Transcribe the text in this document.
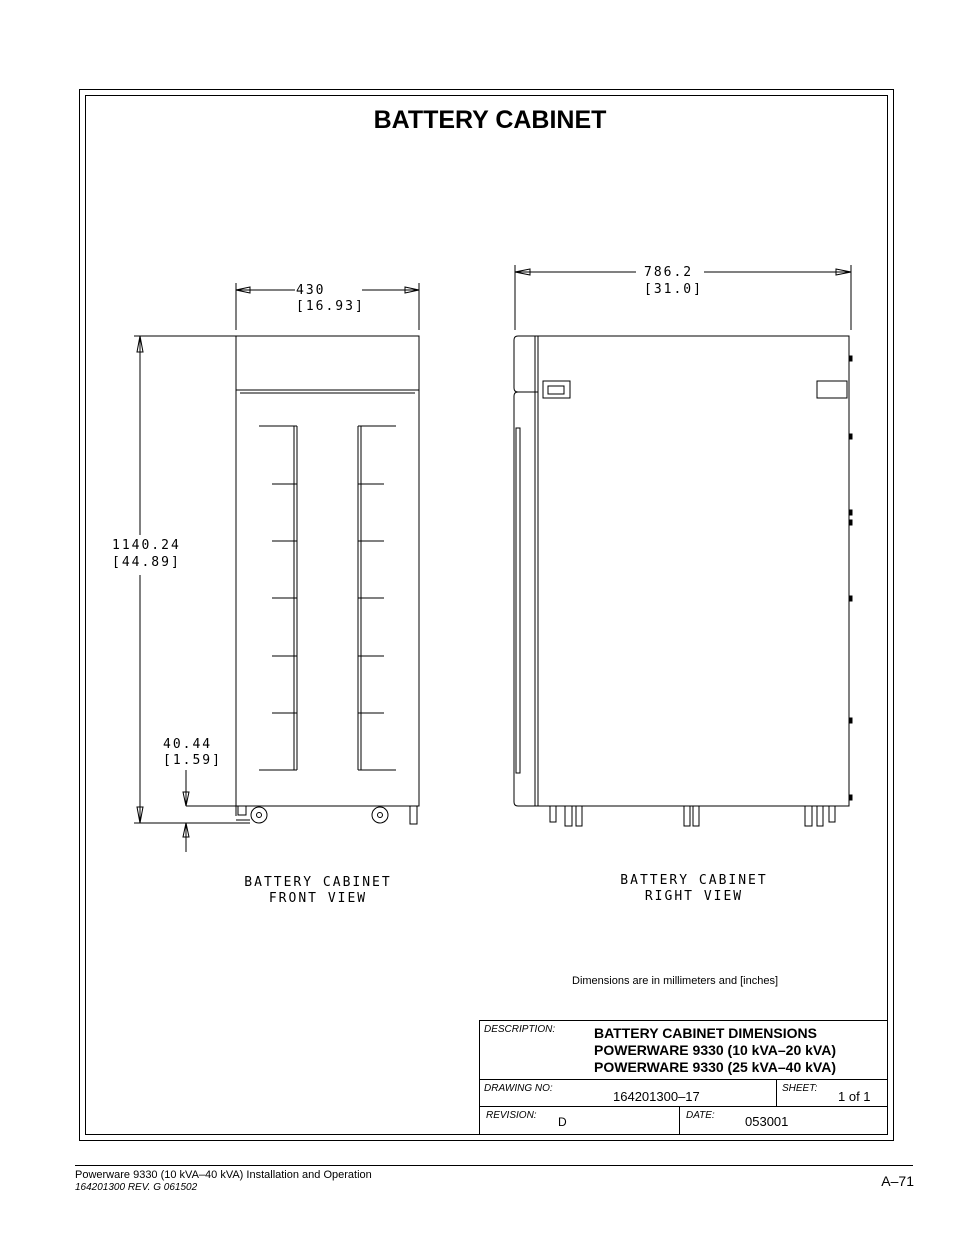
BATTERY CABINET
430
[16.93]
1140.24
[44.89]
40.44
[1.59]
BATTERY CABINET
FRONT VIEW
786.2
[31.0]
BATTERY CABINET
RIGHT VIEW
Dimensions are in millimeters and [inches]
DESCRIPTION:	BATTERY CABINET DIMENSIONS
POWERWARE 9330 (10 kVA–20 kVA)
POWERWARE 9330 (25 kVA–40 kVA)
DRAWING NO:
164201300–17
SHEET:
1 of 1
REVISION: D	DATE: 053001
Powerware 9330 (10 kVA–40 kVA) Installation and Operation
164201300 REV. G 061502	A–71
